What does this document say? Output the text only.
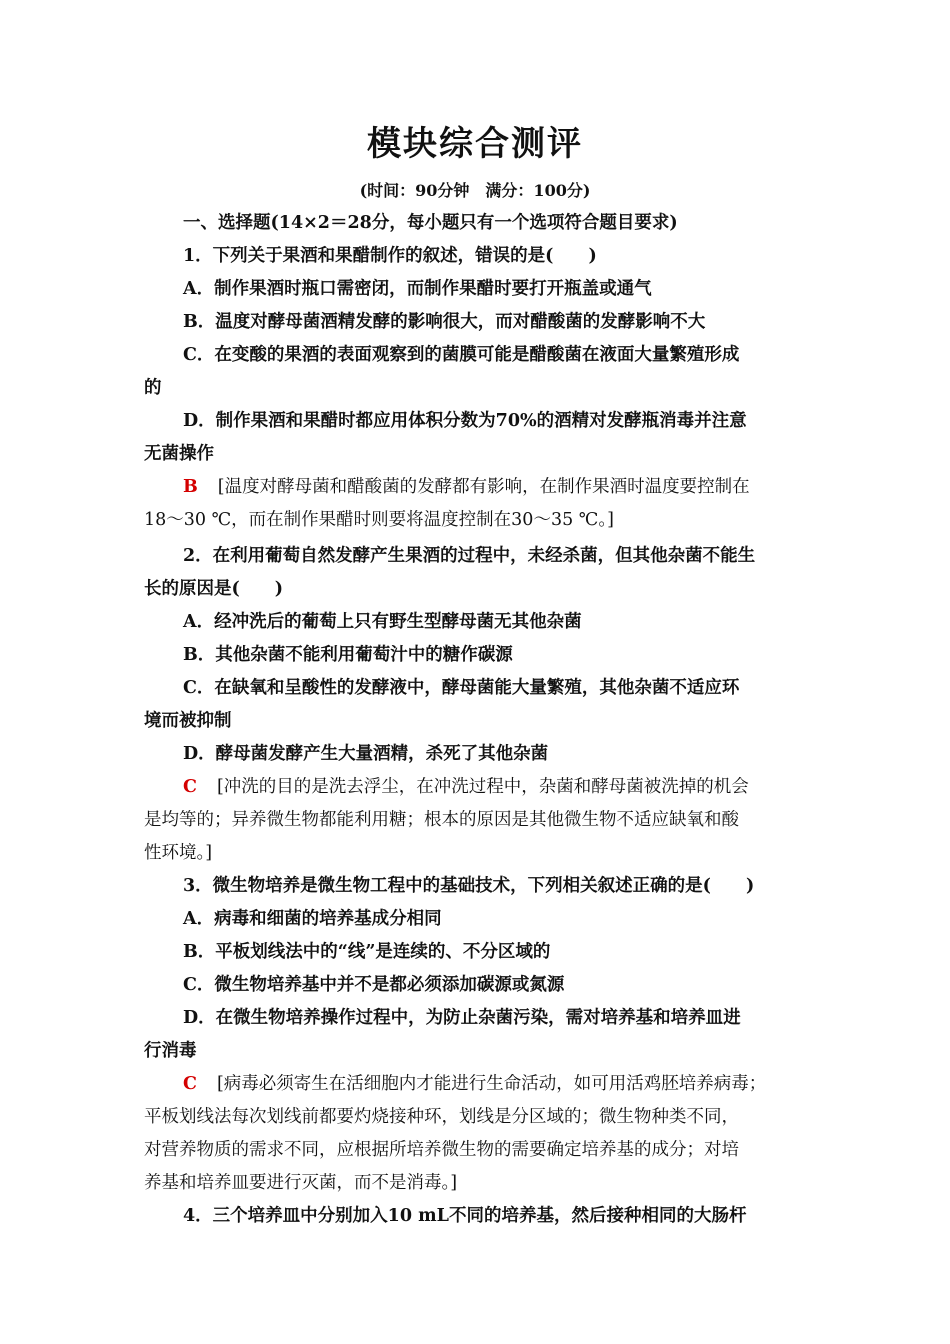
模块综合测评
(时间：90分钟　满分：100分)
一、选择题(14×2＝28分，每小题只有一个选项符合题目要求)
1．下列关于果酒和果醋制作的叙述，错误的是(　　)
A．制作果酒时瓶口需密闭，而制作果醋时要打开瓶盖或通气
B．温度对酵母菌酒精发酵的影响很大，而对醋酸菌的发酵影响不大
C．在变酸的果酒的表面观察到的菌膜可能是醋酸菌在液面大量繁殖形成
的
D．制作果酒和果醋时都应用体积分数为70%的酒精对发酵瓶消毒并注意
无菌操作
B [温度对酵母菌和醋酸菌的发酵都有影响，在制作果酒时温度要控制在
18～30 ℃，而在制作果醋时则要将温度控制在30～35 ℃。]
2．在利用葡萄自然发酵产生果酒的过程中，未经杀菌，但其他杂菌不能生
长的原因是(　　)
A．经冲洗后的葡萄上只有野生型酵母菌无其他杂菌
B．其他杂菌不能利用葡萄汁中的糖作碳源
C．在缺氧和呈酸性的发酵液中，酵母菌能大量繁殖，其他杂菌不适应环
境而被抑制
D．酵母菌发酵产生大量酒精，杀死了其他杂菌
C [冲洗的目的是洗去浮尘，在冲洗过程中，杂菌和酵母菌被洗掉的机会
是均等的；异养微生物都能利用糖；根本的原因是其他微生物不适应缺氧和酸
性环境。]
3．微生物培养是微生物工程中的基础技术，下列相关叙述正确的是(　　)
A．病毒和细菌的培养基成分相同
B．平板划线法中的“线”是连续的、不分区域的
C．微生物培养基中并不是都必须添加碳源或氮源
D．在微生物培养操作过程中，为防止杂菌污染，需对培养基和培养皿进
行消毒
C [病毒必须寄生在活细胞内才能进行生命活动，如可用活鸡胚培养病毒；
平板划线法每次划线前都要灼烧接种环，划线是分区域的；微生物种类不同，
对营养物质的需求不同，应根据所培养微生物的需要确定培养基的成分；对培
养基和培养皿要进行灭菌，而不是消毒。]
4．三个培养皿中分别加入10 mL不同的培养基，然后接种相同的大肠杆
